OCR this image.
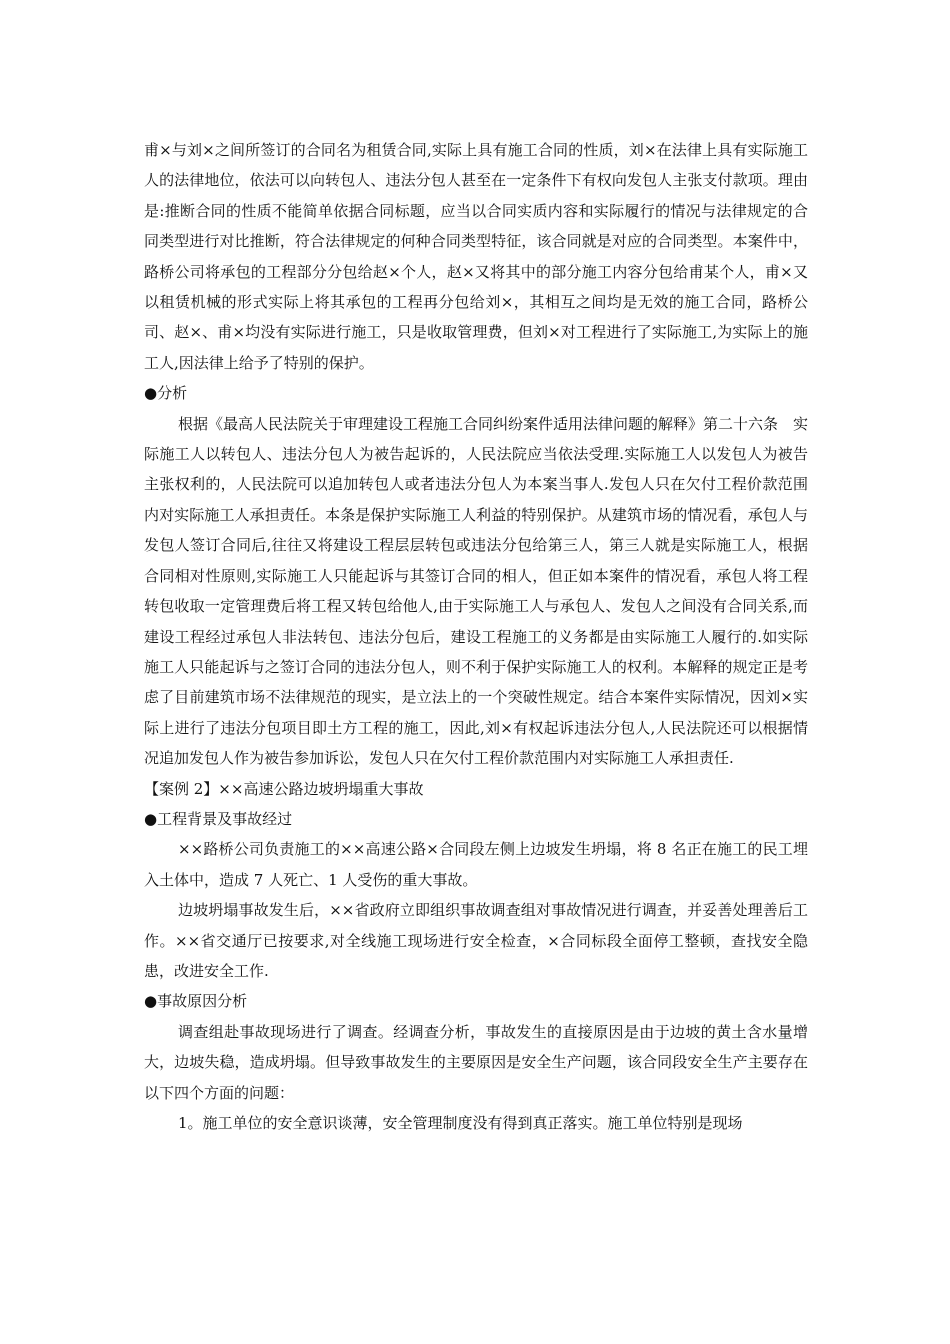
甫×与刘×之间所签订的合同名为租赁合同,实际上具有施工合同的性质，刘×在法律上具有实际施工人的法律地位，依法可以向转包人、违法分包人甚至在一定条件下有权向发包人主张支付款项。理由是:推断合同的性质不能简单依据合同标题，应当以合同实质内容和实际履行的情况与法律规定的合同类型进行对比推断，符合法律规定的何种合同类型特征，该合同就是对应的合同类型。本案件中，路桥公司将承包的工程部分分包给赵×个人，赵×又将其中的部分施工内容分包给甫某个人，甫×又以租赁机械的形式实际上将其承包的工程再分包给刘×，其相互之间均是无效的施工合同，路桥公司、赵×、甫×均没有实际进行施工，只是收取管理费，但刘×对工程进行了实际施工,为实际上的施工人,因法律上给予了特别的保护。

●分析

根据《最高人民法院关于审理建设工程施工合同纠纷案件适用法律问题的解释》第二十六条　实际施工人以转包人、违法分包人为被告起诉的，人民法院应当依法受理.实际施工人以发包人为被告主张权利的，人民法院可以追加转包人或者违法分包人为本案当事人.发包人只在欠付工程价款范围内对实际施工人承担责任。本条是保护实际施工人利益的特别保护。从建筑市场的情况看，承包人与发包人签订合同后,往往又将建设工程层层转包或违法分包给第三人，第三人就是实际施工人，根据合同相对性原则,实际施工人只能起诉与其签订合同的相人，但正如本案件的情况看，承包人将工程转包收取一定管理费后将工程又转包给他人,由于实际施工人与承包人、发包人之间没有合同关系,而建设工程经过承包人非法转包、违法分包后，建设工程施工的义务都是由实际施工人履行的.如实际施工人只能起诉与之签订合同的违法分包人，则不利于保护实际施工人的权利。本解释的规定正是考虑了目前建筑市场不法律规范的现实，是立法上的一个突破性规定。结合本案件实际情况，因刘×实际上进行了违法分包项目即土方工程的施工，因此,刘×有权起诉违法分包人,人民法院还可以根据情况追加发包人作为被告参加诉讼，发包人只在欠付工程价款范围内对实际施工人承担责任.

【案例 2】××高速公路边坡坍塌重大事故

●工程背景及事故经过

××路桥公司负责施工的××高速公路×合同段左侧上边坡发生坍塌，将 8 名正在施工的民工埋入土体中，造成 7 人死亡、1 人受伤的重大事故。

边坡坍塌事故发生后，××省政府立即组织事故调查组对事故情况进行调查，并妥善处理善后工作。××省交通厅已按要求,对全线施工现场进行安全检查，×合同标段全面停工整顿，查找安全隐患，改进安全工作.

●事故原因分析

调查组赴事故现场进行了调查。经调查分析，事故发生的直接原因是由于边坡的黄土含水量增大，边坡失稳，造成坍塌。但导致事故发生的主要原因是安全生产问题，该合同段安全生产主要存在以下四个方面的问题：

1。施工单位的安全意识谈薄，安全管理制度没有得到真正落实。施工单位特别是现场
